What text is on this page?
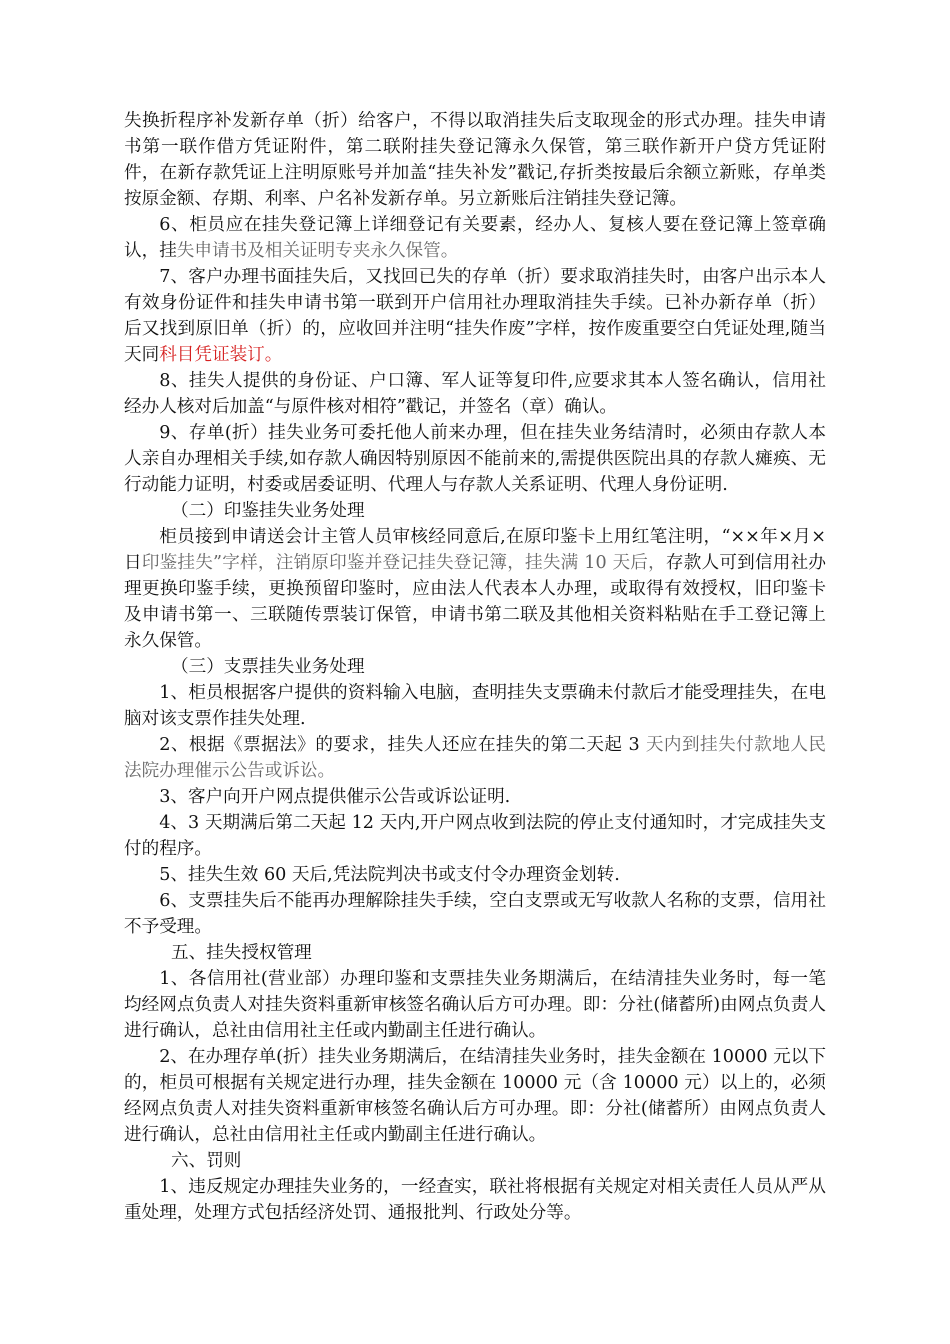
失换折程序补发新存单（折）给客户，不得以取消挂失后支取现金的形式办理。挂失申请书第一联作借方凭证附件，第二联附挂失登记簿永久保管，第三联作新开户贷方凭证附件，在新存款凭证上注明原账号并加盖“挂失补发”戳记,存折类按最后余额立新账，存单类按原金额、存期、利率、户名补发新存单。另立新账后注销挂失登记簿。

6、柜员应在挂失登记簿上详细登记有关要素，经办人、复核人要在登记簿上签章确认，挂失申请书及相关证明专夹永久保管。

7、客户办理书面挂失后，又找回已失的存单（折）要求取消挂失时，由客户出示本人有效身份证件和挂失申请书第一联到开户信用社办理取消挂失手续。已补办新存单（折）后又找到原旧单（折）的，应收回并注明“挂失作废”字样，按作废重要空白凭证处理,随当天同科目凭证装订。

8、挂失人提供的身份证、户口簿、军人证等复印件,应要求其本人签名确认，信用社经办人核对后加盖“与原件核对相符”戳记，并签名（章）确认。

9、存单(折）挂失业务可委托他人前来办理，但在挂失业务结清时，必须由存款人本人亲自办理相关手续,如存款人确因特别原因不能前来的,需提供医院出具的存款人瘫痪、无行动能力证明，村委或居委证明、代理人与存款人关系证明、代理人身份证明.

（二）印鉴挂失业务处理

柜员接到申请送会计主管人员审核经同意后,在原印鉴卡上用红笔注明，“××年×月×日印鉴挂失”字样，注销原印鉴并登记挂失登记簿，挂失满 10 天后，存款人可到信用社办理更换印鉴手续，更换预留印鉴时，应由法人代表本人办理，或取得有效授权，旧印鉴卡及申请书第一、三联随传票装订保管，申请书第二联及其他相关资料粘贴在手工登记簿上永久保管。

（三）支票挂失业务处理

1、柜员根据客户提供的资料输入电脑，查明挂失支票确未付款后才能受理挂失，在电脑对该支票作挂失处理.

2、根据《票据法》的要求，挂失人还应在挂失的第二天起 3 天内到挂失付款地人民法院办理催示公告或诉讼。

3、客户向开户网点提供催示公告或诉讼证明.

4、3 天期满后第二天起 12 天内,开户网点收到法院的停止支付通知时，才完成挂失支付的程序。

5、挂失生效 60 天后,凭法院判决书或支付令办理资金划转.

6、支票挂失后不能再办理解除挂失手续，空白支票或无写收款人名称的支票，信用社不予受理。

五、挂失授权管理

1、各信用社(营业部）办理印鉴和支票挂失业务期满后，在结清挂失业务时，每一笔均经网点负责人对挂失资料重新审核签名确认后方可办理。即：分社(储蓄所)由网点负责人进行确认，总社由信用社主任或内勤副主任进行确认。

2、在办理存单(折）挂失业务期满后，在结清挂失业务时，挂失金额在 10000 元以下的，柜员可根据有关规定进行办理，挂失金额在 10000 元（含 10000 元）以上的，必须经网点负责人对挂失资料重新审核签名确认后方可办理。即：分社(储蓄所）由网点负责人进行确认，总社由信用社主任或内勤副主任进行确认。

六、罚则

1、违反规定办理挂失业务的，一经查实，联社将根据有关规定对相关责任人员从严从重处理，处理方式包括经济处罚、通报批判、行政处分等。
